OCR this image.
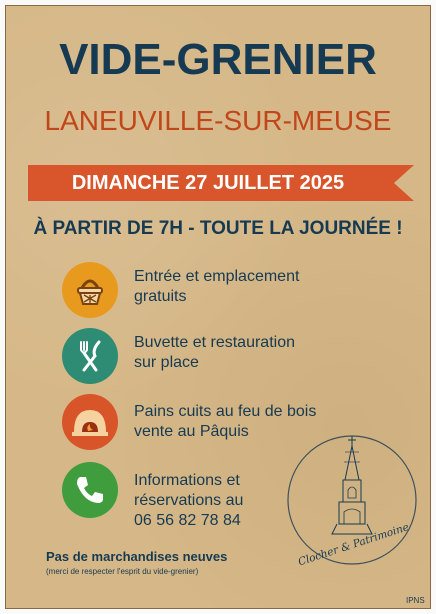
VIDE-GRENIER
LANEUVILLE-SUR-MEUSE
DIMANCHE 27 JUILLET 2025
À PARTIR DE 7H - TOUTE LA JOURNÉE !
Entrée et emplacement
gratuits
Buvette et restauration
sur place
Pains cuits au feu de bois
vente au Pâquis
Informations et
réservations au
06 56 82 78 84
Clocher & Patrimoine
Pas de marchandises neuves
(merci de respecter l'esprit du vide-grenier)
IPNS
